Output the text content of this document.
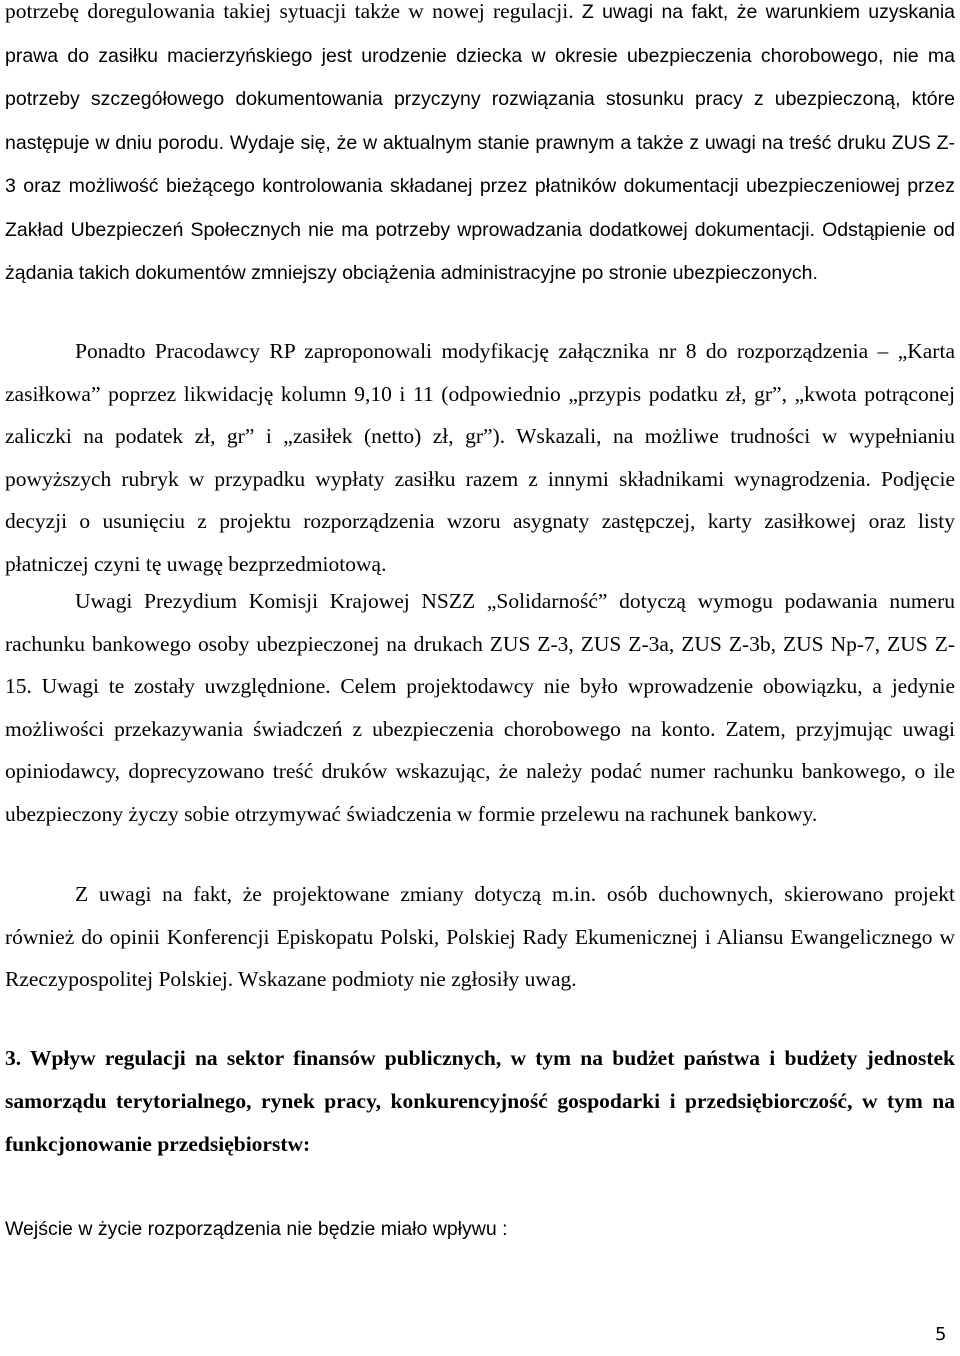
potrzebę doregulowania takiej sytuacji także w nowej regulacji. Z uwagi na fakt, że warunkiem uzyskania prawa do zasiłku macierzyńskiego jest urodzenie dziecka w okresie ubezpieczenia chorobowego, nie ma potrzeby szczegółowego dokumentowania przyczyny rozwiązania stosunku pracy z ubezpieczoną, które następuje w dniu porodu. Wydaje się, że w aktualnym stanie prawnym a także z uwagi na treść druku ZUS Z-3 oraz możliwość bieżącego kontrolowania składanej przez płatników dokumentacji ubezpieczeniowej przez Zakład Ubezpieczeń Społecznych nie ma potrzeby wprowadzania dodatkowej dokumentacji. Odstąpienie od żądania takich dokumentów zmniejszy obciążenia administracyjne po stronie ubezpieczonych.

Ponadto Pracodawcy RP zaproponowali modyfikację załącznika nr 8 do rozporządzenia – „Karta zasiłkowa” poprzez likwidację kolumn 9,10 i 11 (odpowiednio „przypis podatku zł, gr”, „kwota potrąconej zaliczki na podatek zł, gr” i „zasiłek (netto) zł, gr”). Wskazali, na możliwe trudności w wypełnianiu powyższych rubryk w przypadku wypłaty zasiłku razem z innymi składnikami wynagrodzenia. Podjęcie decyzji o usunięciu z projektu rozporządzenia wzoru asygnaty zastępczej, karty zasiłkowej oraz listy płatniczej czyni tę uwagę bezprzedmiotową.

Uwagi Prezydium Komisji Krajowej NSZZ „Solidarność” dotyczą wymogu podawania numeru rachunku bankowego osoby ubezpieczonej na drukach ZUS Z-3, ZUS Z-3a, ZUS Z-3b, ZUS Np-7, ZUS Z-15. Uwagi te zostały uwzględnione. Celem projektodawcy nie było wprowadzenie obowiązku, a jedynie możliwości przekazywania świadczeń z ubezpieczenia chorobowego na konto. Zatem, przyjmując uwagi opiniodawcy, doprecyzowano treść druków wskazując, że należy podać numer rachunku bankowego, o ile ubezpieczony życzy sobie otrzymywać świadczenia w formie przelewu na rachunek bankowy.

Z uwagi na fakt, że projektowane zmiany dotyczą m.in. osób duchownych, skierowano projekt również do opinii Konferencji Episkopatu Polski, Polskiej Rady Ekumenicznej i Aliansu Ewangelicznego w Rzeczypospolitej Polskiej. Wskazane podmioty nie zgłosiły uwag.

3. Wpływ regulacji na sektor finansów publicznych, w tym na budżet państwa i budżety jednostek samorządu terytorialnego, rynek pracy, konkurencyjność gospodarki i przedsiębiorczość, w tym na funkcjonowanie przedsiębiorstw:

Wejście w życie rozporządzenia nie będzie miało wpływu :

5
